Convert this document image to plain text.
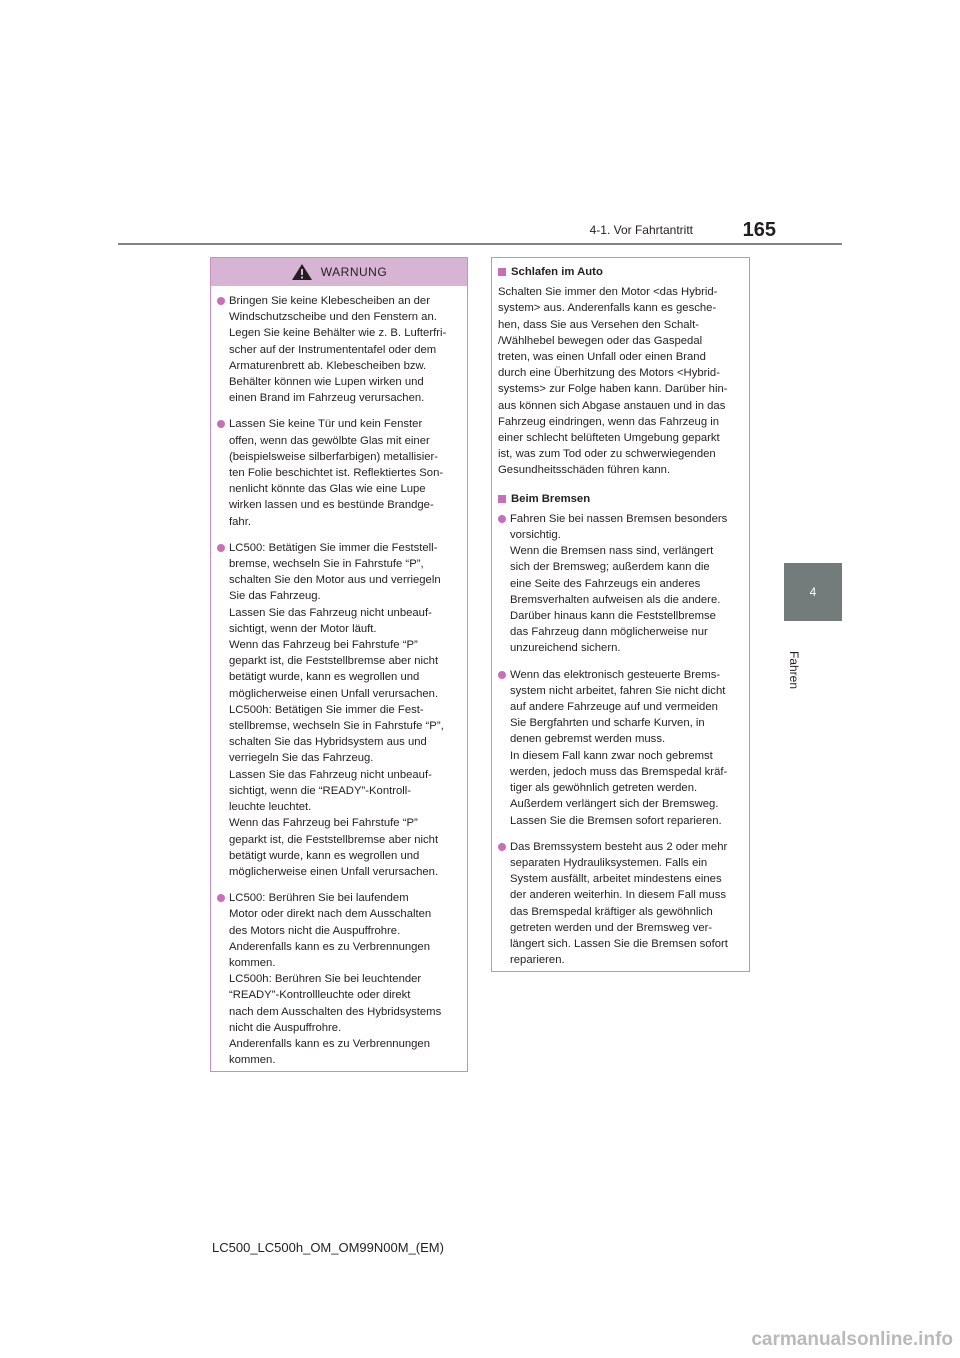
4-1. Vor Fahrtantritt	165
4
Fahren
WARNUNG
Bringen Sie keine Klebescheiben an der
Windschutzscheibe und den Fenstern an.
Legen Sie keine Behälter wie z. B. Lufterfri-
scher auf der Instrumententafel oder dem
Armaturenbrett ab. Klebescheiben bzw.
Behälter können wie Lupen wirken und
einen Brand im Fahrzeug verursachen.
Lassen Sie keine Tür und kein Fenster
offen, wenn das gewölbte Glas mit einer
(beispielsweise silberfarbigen) metallisier-
ten Folie beschichtet ist. Reflektiertes Son-
nenlicht könnte das Glas wie eine Lupe
wirken lassen und es bestünde Brandge-
fahr.
LC500: Betätigen Sie immer die Feststell-
bremse, wechseln Sie in Fahrstufe “P”,
schalten Sie den Motor aus und verriegeln
Sie das Fahrzeug.
Lassen Sie das Fahrzeug nicht unbeauf-
sichtigt, wenn der Motor läuft.
Wenn das Fahrzeug bei Fahrstufe “P”
geparkt ist, die Feststellbremse aber nicht
betätigt wurde, kann es wegrollen und
möglicherweise einen Unfall verursachen.
LC500h: Betätigen Sie immer die Fest-
stellbremse, wechseln Sie in Fahrstufe “P”,
schalten Sie das Hybridsystem aus und
verriegeln Sie das Fahrzeug.
Lassen Sie das Fahrzeug nicht unbeauf-
sichtigt, wenn die “READY”-Kontroll-
leuchte leuchtet.
Wenn das Fahrzeug bei Fahrstufe “P”
geparkt ist, die Feststellbremse aber nicht
betätigt wurde, kann es wegrollen und
möglicherweise einen Unfall verursachen.
LC500: Berühren Sie bei laufendem
Motor oder direkt nach dem Ausschalten
des Motors nicht die Auspuffrohre.
Anderenfalls kann es zu Verbrennungen
kommen.
LC500h: Berühren Sie bei leuchtender
“READY”-Kontrollleuchte oder direkt
nach dem Ausschalten des Hybridsystems
nicht die Auspuffrohre.
Anderenfalls kann es zu Verbrennungen
kommen.
Schlafen im Auto
Schalten Sie immer den Motor <das Hybrid-
system> aus. Anderenfalls kann es gesche-
hen, dass Sie aus Versehen den Schalt-
/Wählhebel bewegen oder das Gaspedal
treten, was einen Unfall oder einen Brand
durch eine Überhitzung des Motors <Hybrid-
systems> zur Folge haben kann. Darüber hin-
aus können sich Abgase anstauen und in das
Fahrzeug eindringen, wenn das Fahrzeug in
einer schlecht belüfteten Umgebung geparkt
ist, was zum Tod oder zu schwerwiegenden
Gesundheitsschäden führen kann.
Beim Bremsen
Fahren Sie bei nassen Bremsen besonders
vorsichtig.
Wenn die Bremsen nass sind, verlängert
sich der Bremsweg; außerdem kann die
eine Seite des Fahrzeugs ein anderes
Bremsverhalten aufweisen als die andere.
Darüber hinaus kann die Feststellbremse
das Fahrzeug dann möglicherweise nur
unzureichend sichern.
Wenn das elektronisch gesteuerte Brems-
system nicht arbeitet, fahren Sie nicht dicht
auf andere Fahrzeuge auf und vermeiden
Sie Bergfahrten und scharfe Kurven, in
denen gebremst werden muss.
In diesem Fall kann zwar noch gebremst
werden, jedoch muss das Bremspedal kräf-
tiger als gewöhnlich getreten werden.
Außerdem verlängert sich der Bremsweg.
Lassen Sie die Bremsen sofort reparieren.
Das Bremssystem besteht aus 2 oder mehr
separaten Hydrauliksystemen. Falls ein
System ausfällt, arbeitet mindestens eines
der anderen weiterhin. In diesem Fall muss
das Bremspedal kräftiger als gewöhnlich
getreten werden und der Bremsweg ver-
längert sich. Lassen Sie die Bremsen sofort
reparieren.
LC500_LC500h_OM_OM99N00M_(EM)
carmanualsonline.info
